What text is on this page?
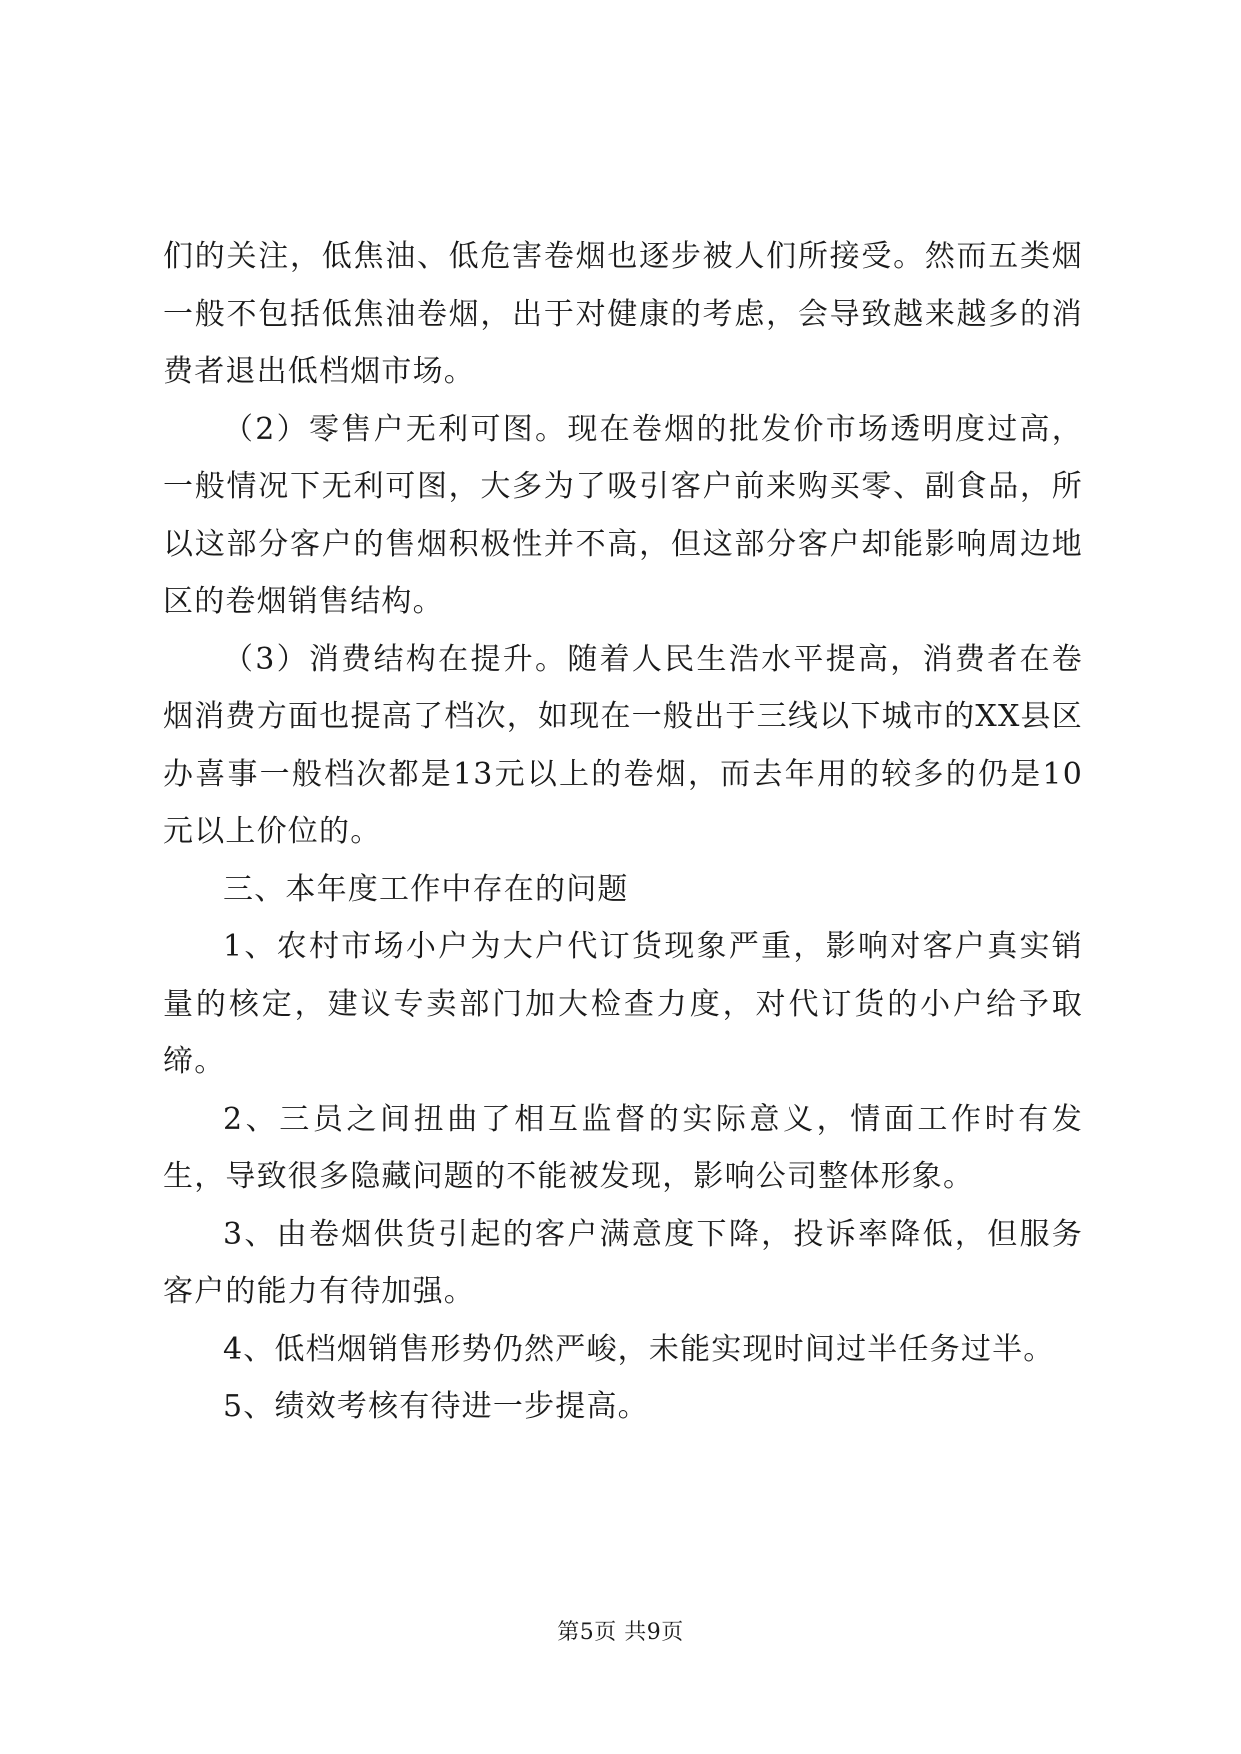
们的关注，低焦油、低危害卷烟也逐步被人们所接受。然而五类烟一般不包括低焦油卷烟，出于对健康的考虑，会导致越来越多的消费者退出低档烟市场。

（2）零售户无利可图。现在卷烟的批发价市场透明度过高，一般情况下无利可图，大多为了吸引客户前来购买零、副食品，所以这部分客户的售烟积极性并不高，但这部分客户却能影响周边地区的卷烟销售结构。

（3）消费结构在提升。随着人民生浩水平提高，消费者在卷烟消费方面也提高了档次，如现在一般出于三线以下城市的XX县区办喜事一般档次都是13元以上的卷烟，而去年用的较多的仍是10元以上价位的。

三、本年度工作中存在的问题

1、农村市场小户为大户代订货现象严重，影响对客户真实销量的核定，建议专卖部门加大检查力度，对代订货的小户给予取缔。

2、三员之间扭曲了相互监督的实际意义，情面工作时有发生，导致很多隐藏问题的不能被发现，影响公司整体形象。

3、由卷烟供货引起的客户满意度下降，投诉率降低，但服务客户的能力有待加强。

4、低档烟销售形势仍然严峻，未能实现时间过半任务过半。

5、绩效考核有待进一步提高。

第5页 共9页
